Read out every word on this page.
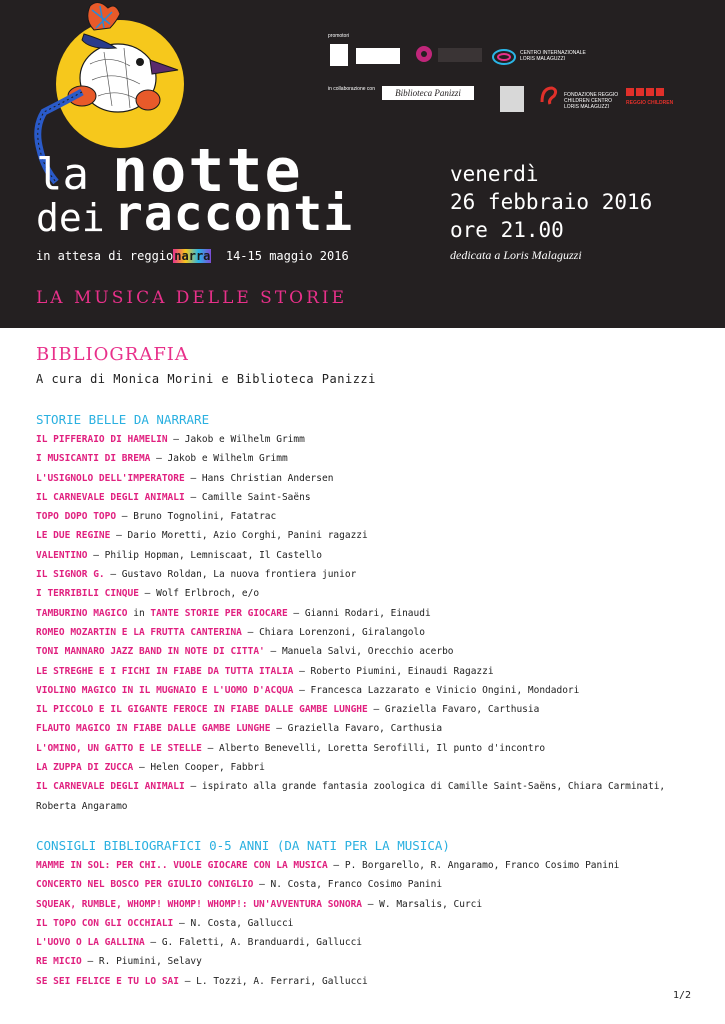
promotori
CENTRO INTERNAZIONALE LORIS MALAGUZZI
in collaborazione con	Biblioteca Panizzi	FONDAZIONE REGGIO CHILDREN CENTRO LORIS MALAGUZZI
REGGIO CHILDREN
la notte
dei racconti
in attesa di reggionarra 14-15 maggio 2016
venerdì
26 febbraio 2016
ore 21.00
dedicata a Loris Malaguzzi
LA MUSICA DELLE STORIE
BIBLIOGRAFIA
A cura di Monica Morini e Biblioteca Panizzi
STORIE BELLE DA NARRARE
IL PIFFERAIO DI HAMELIN – Jakob e Wilhelm Grimm
I MUSICANTI DI BREMA – Jakob e Wilhelm Grimm
L'USIGNOLO DELL'IMPERATORE – Hans Christian Andersen
IL CARNEVALE DEGLI ANIMALI – Camille Saint-Saëns
TOPO DOPO TOPO – Bruno Tognolini, Fatatrac
LE DUE REGINE – Dario Moretti, Azio Corghi, Panini ragazzi
VALENTINO – Philip Hopman, Lemniscaat, Il Castello
IL SIGNOR G. – Gustavo Roldan, La nuova frontiera junior
I TERRIBILI CINQUE – Wolf Erlbroch, e/o
TAMBURINO MAGICO in TANTE STORIE PER GIOCARE – Gianni Rodari, Einaudi
ROMEO MOZARTIN E LA FRUTTA CANTERINA – Chiara Lorenzoni, Giralangolo
TONI MANNARO JAZZ BAND IN NOTE DI CITTA' – Manuela Salvi, Orecchio acerbo
LE STREGHE E I FICHI IN FIABE DA TUTTA ITALIA – Roberto Piumini, Einaudi Ragazzi
VIOLINO MAGICO IN IL MUGNAIO E L'UOMO D'ACQUA – Francesca Lazzarato e Vinicio Ongini, Mondadori
IL PICCOLO E IL GIGANTE FEROCE IN FIABE DALLE GAMBE LUNGHE – Graziella Favaro, Carthusia
FLAUTO MAGICO IN FIABE DALLE GAMBE LUNGHE – Graziella Favaro, Carthusia
L'OMINO, UN GATTO E LE STELLE – Alberto Benevelli, Loretta Serofilli, Il punto d'incontro
LA ZUPPA DI ZUCCA – Helen Cooper, Fabbri
IL CARNEVALE DEGLI ANIMALI – ispirato alla grande fantasia zoologica di Camille Saint-Saëns, Chiara Carminati, Roberta Angaramo
CONSIGLI BIBLIOGRAFICI 0-5 ANNI (DA NATI PER LA MUSICA)
MAMME IN SOL: PER CHI.. VUOLE GIOCARE CON LA MUSICA – P. Borgarello, R. Angaramo, Franco Cosimo Panini
CONCERTO NEL BOSCO PER GIULIO CONIGLIO – N. Costa, Franco Cosimo Panini
SQUEAK, RUMBLE, WHOMP! WHOMP! WHOMP!: UN'AVVENTURA SONORA – W. Marsalis, Curci
IL TOPO CON GLI OCCHIALI – N. Costa, Gallucci
L'UOVO O LA GALLINA – G. Faletti, A. Branduardi, Gallucci
RE MICIO – R. Piumini, Selavy
SE SEI FELICE E TU LO SAI – L. Tozzi, A. Ferrari, Gallucci
1/2
